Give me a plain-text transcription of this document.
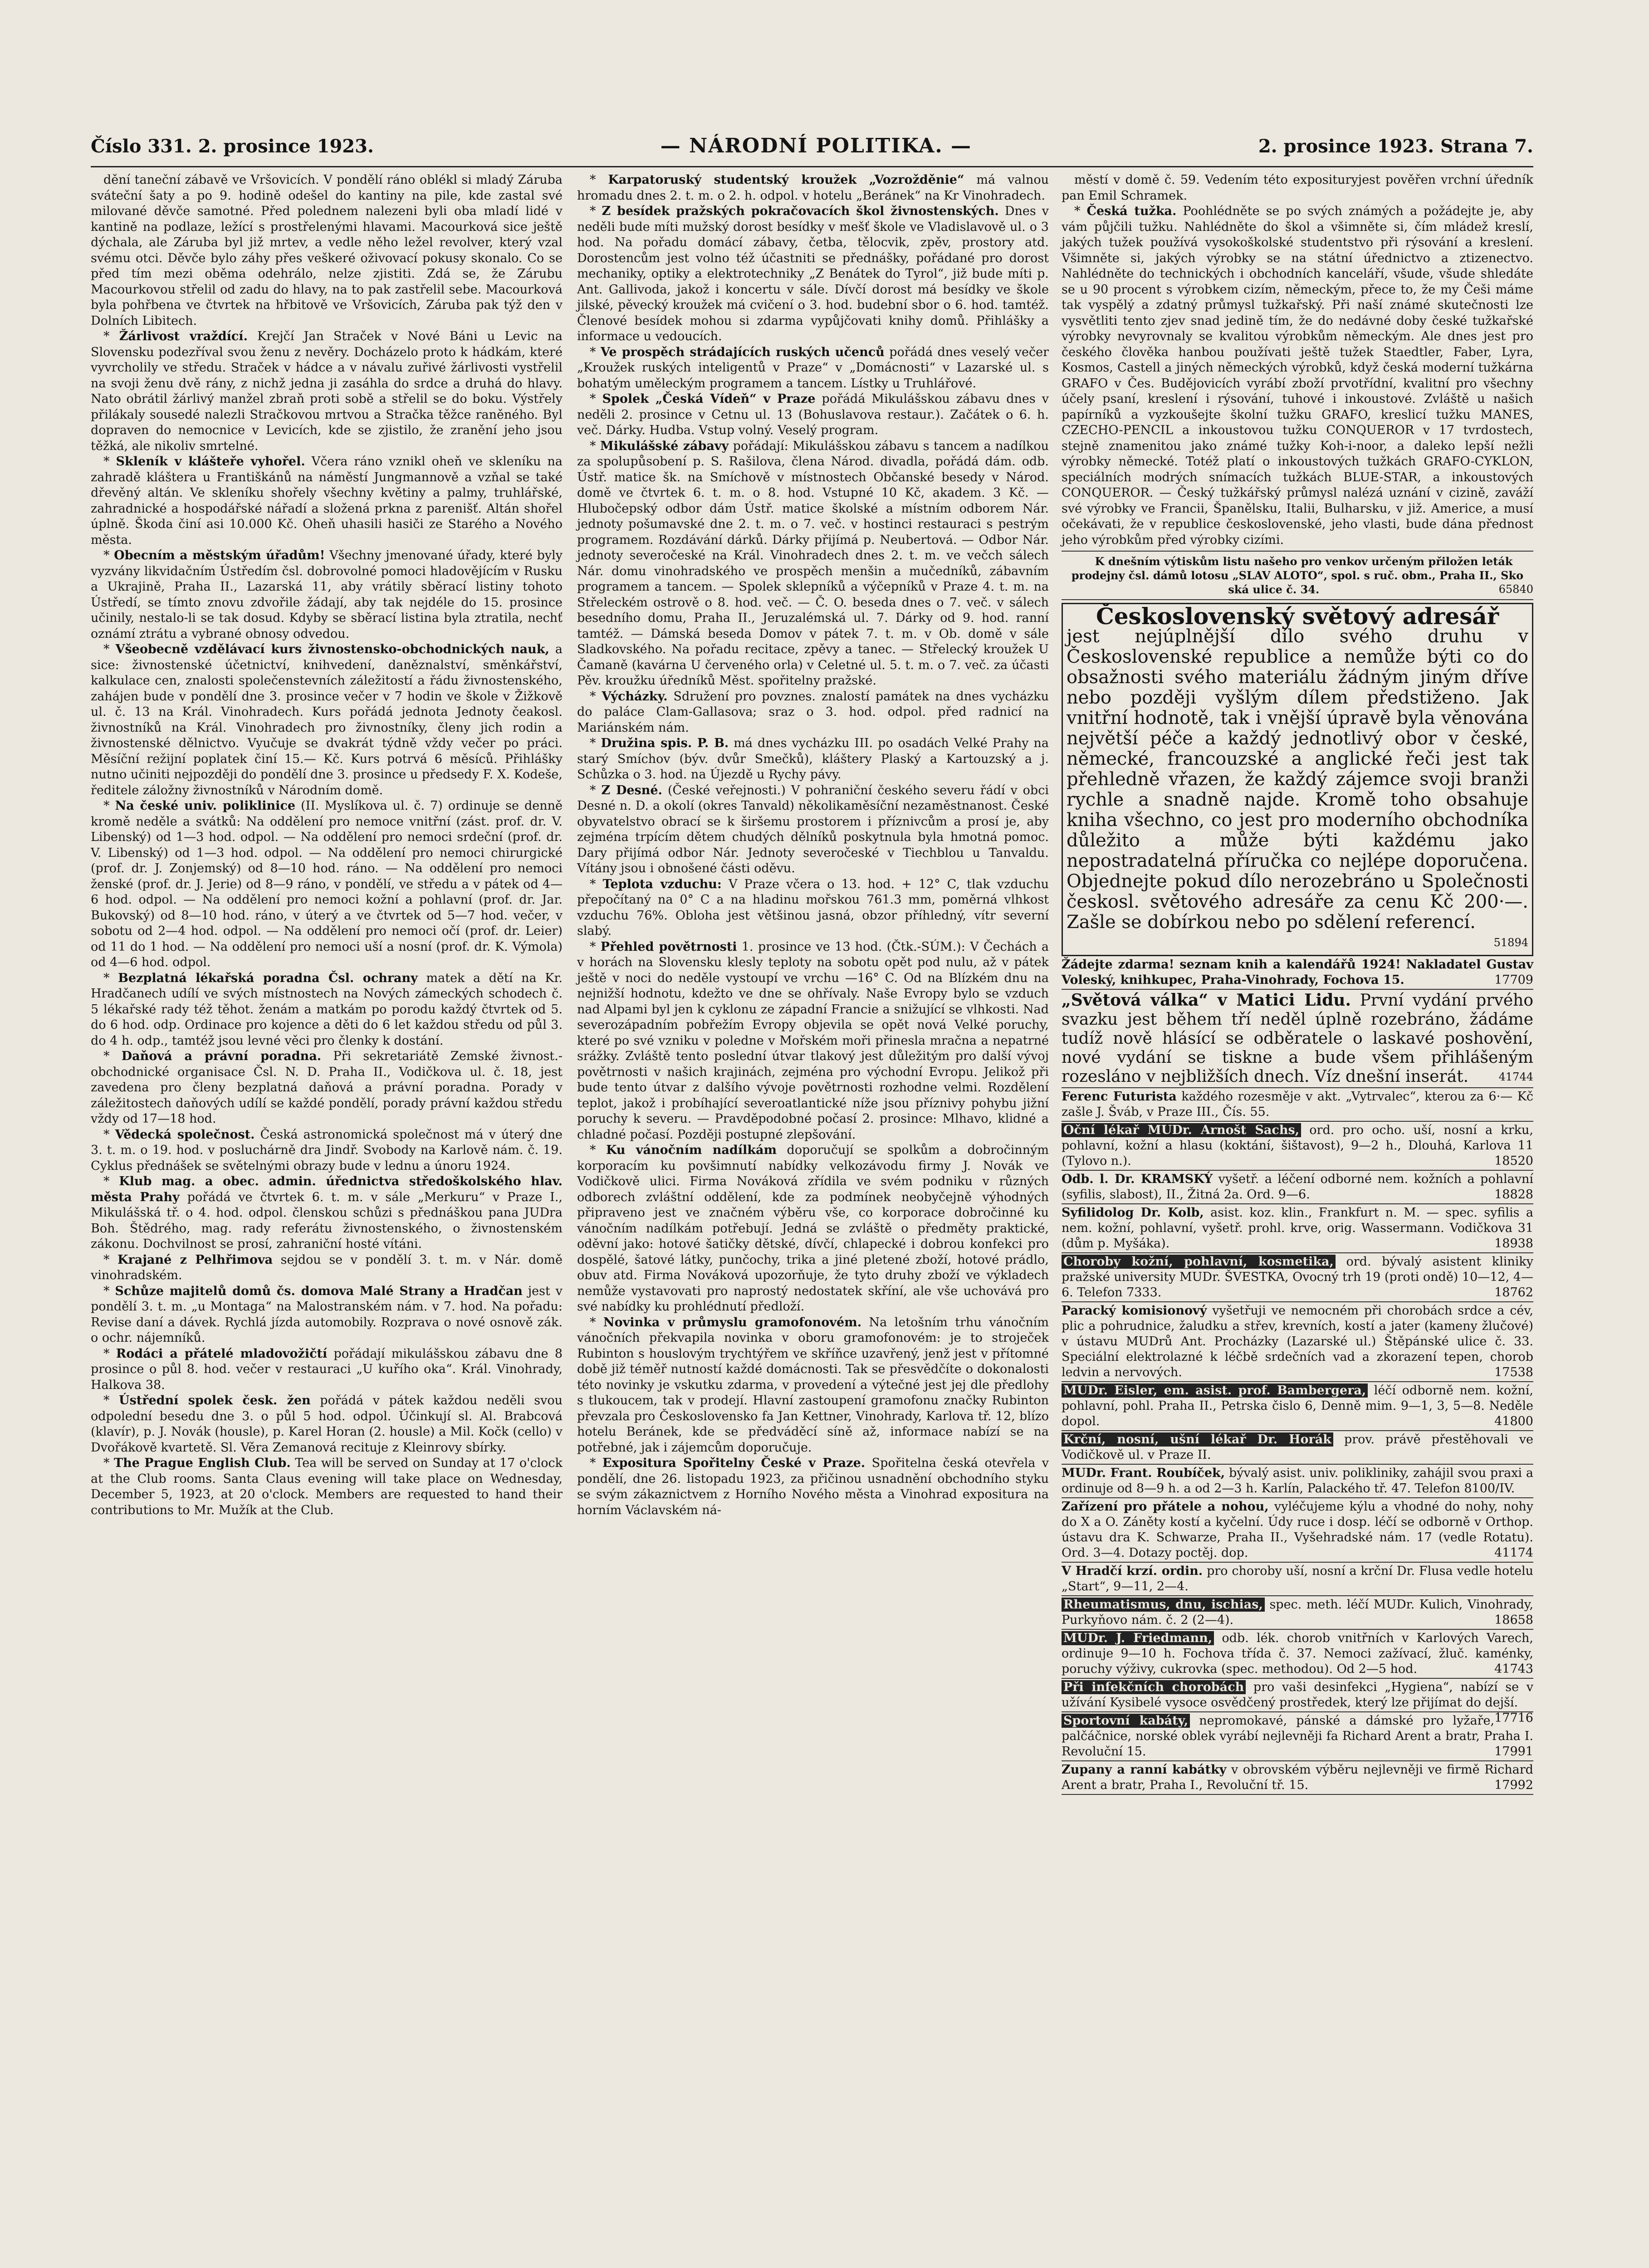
Číslo 331. 2. prosince 1923.	— NÁRODNÍ POLITIKA. —	2. prosince 1923. Strana 7.

dění taneční zábavě ve Vršovicích. V pondělí ráno oblékl si mladý Záruba sváteční šaty a po 9. hodině odešel do kantiny na pile, kde zastal své milované děvče samotné. Před polednem nalezeni byli oba mladí lidé v kantině na podlaze, ležící s prostřelenými hlavami. Macourková sice ještě dýchala, ale Záruba byl již mrtev, a vedle něho ležel revolver, který vzal svému otci. Děvče bylo záhy přes veškeré oživovací pokusy skonalo. Co se před tím mezi oběma odehrálo, nelze zjistiti. Zdá se, že Zárubu Macourkovou střelil od zadu do hlavy, na to pak zastřelil sebe. Macourková byla pohřbena ve čtvrtek na hřbitově ve Vršovicích, Záruba pak týž den v Dolních Libitech.

* Žárlivost vraždící. Krejčí Jan Straček v Nové Báni u Levic na Slovensku podezříval svou ženu z nevěry. Docházelo proto k hádkám, které vyvrcholily ve středu. Straček v hádce a v návalu zuřivé žárlivosti vystřelil na svoji ženu dvě rány, z nichž jedna ji zasáhla do srdce a druhá do hlavy. Nato obrátil žárlivý manžel zbraň proti sobě a střelil se do boku. Výstřely přilákaly sousedé nalezli Stračkovou mrtvou a Stračka těžce raněného. Byl dopraven do nemocnice v Levicích, kde se zjistilo, že zranění jeho jsou těžká, ale nikoliv smrtelné.

* Skleník v klášteře vyhořel. Včera ráno vznikl oheň ve skleníku na zahradě kláštera u Františkánů na náměstí Jungmannově a vzňal se také dřevěný altán. Ve skleníku shořely všechny květiny a palmy, truhlářské, zahradnické a hospodářské nářadí a složená prkna z parenišť. Altán shořel úplně. Škoda činí asi 10.000 Kč. Oheň uhasili hasiči ze Starého a Nového města.

* Obecním a městským úřadům! Všechny jmenované úřady, které byly vyzvány likvidačním Ústředím čsl. dobrovolné pomoci hladovějícím v Rusku a Ukrajině, Praha II., Lazarská 11, aby vrátily sběrací listiny tohoto Ústředí, se tímto znovu zdvořile žádají, aby tak nejdéle do 15. prosince učinily, nestalo-li se tak dosud. Kdyby se sběrací listina byla ztratila, nechť oznámí ztrátu a vybrané obnosy odvedou.

* Všeobecně vzdělávací kurs živnostensko-obchodnických nauk, a sice: živnostenské účetnictví, knihvedení, daněznalství, směnkářství, kalkulace cen, znalosti společenstevních záležitostí a řádu živnostenského, zahájen bude v pondělí dne 3. prosince večer v 7 hodin ve škole v Žižkově ul. č. 13 na Král. Vinohradech. Kurs pořádá jednota Jednoty čeakosl. živnostníků na Král. Vinohradech pro živnostníky, členy jich rodin a živnostenské dělnictvo. Vyučuje se dvakrát týdně vždy večer po práci. Měsíční režijní poplatek činí 15.— Kč. Kurs potrvá 6 měsíců. Přihlášky nutno učiniti nejpozději do pondělí dne 3. prosince u předsedy F. X. Kodeše, ředitele záložny živnostníků v Národním domě.

* Na české univ. poliklinice (II. Myslíkova ul. č. 7) ordinuje se denně kromě neděle a svátků: Na oddělení pro nemoce vnitřní (zást. prof. dr. V. Libenský) od 1—3 hod. odpol. — Na oddělení pro nemoci srdeční (prof. dr. V. Libenský) od 1—3 hod. odpol. — Na oddělení pro nemoci chirurgické (prof. dr. J. Zonjemský) od 8—10 hod. ráno. — Na oddělení pro nemoci ženské (prof. dr. J. Jerie) od 8—9 ráno, v pondělí, ve středu a v pátek od 4—6 hod. odpol. — Na oddělení pro nemoci kožní a pohlavní (prof. dr. Jar. Bukovský) od 8—10 hod. ráno, v úterý a ve čtvrtek od 5—7 hod. večer, v sobotu od 2—4 hod. odpol. — Na oddělení pro nemoci očí (prof. dr. Leier) od 11 do 1 hod. — Na oddělení pro nemoci uší a nosní (prof. dr. K. Výmola) od 4—6 hod. odpol.

* Bezplatná lékařská poradna Čsl. ochrany matek a dětí na Kr. Hradčanech udílí ve svých místnostech na Nových zámeckých schodech č. 5 lékařské rady též těhot. ženám a matkám po porodu každý čtvrtek od 5. do 6 hod. odp. Ordinace pro kojence a děti do 6 let každou středu od půl 3. do 4 h. odp., tamtéž jsou levné věci pro členky k dostání.

* Daňová a právní poradna. Při sekretariátě Zemské živnost.-obchodnické organisace Čsl. N. D. Praha II., Vodičkova ul. č. 18, jest zavedena pro členy bezplatná daňová a právní poradna. Porady v záležitostech daňových udílí se každé pondělí, porady právní každou středu vždy od 17—18 hod.

* Vědecká společnost. Česká astronomická společnost má v úterý dne 3. t. m. o 19. hod. v posluchárně dra Jindř. Svobody na Karlově nám. č. 19. Cyklus přednášek se světelnými obrazy bude v lednu a únoru 1924.

* Klub mag. a obec. admin. úřednictva středoškolského hlav. města Prahy pořádá ve čtvrtek 6. t. m. v sále „Merkuru“ v Praze I., Mikulášská tř. o 4. hod. odpol. členskou schůzi s přednáškou pana JUDra Boh. Štědrého, mag. rady referátu živnostenského, o živnostenském zákonu. Dochvilnost se prosí, zahraniční hosté vítáni.

* Krajané z Pelhřimova sejdou se v pondělí 3. t. m. v Nár. domě vinohradském.

* Schůze majitelů domů čs. domova Malé Strany a Hradčan jest v pondělí 3. t. m. „u Montaga“ na Malostranském nám. v 7. hod. Na pořadu: Revise daní a dávek. Rychlá jízda automobily. Rozprava o nové osnově zák. o ochr. nájemníků.

* Rodáci a přátelé mladovožičtí pořádají mikulášskou zábavu dne 8 prosince o půl 8. hod. večer v restauraci „U kuřího oka“. Král. Vinohrady, Halkova 38.

* Ústřední spolek česk. žen pořádá v pátek každou neděli svou odpolední besedu dne 3. o půl 5 hod. odpol. Účinkují sl. Al. Brabcová (klavír), p. J. Novák (housle), p. Karel Horan (2. housle) a Mil. Kočk (cello) v Dvořákově kvartetě. Sl. Věra Zemanová recituje z Kleinrovy sbírky.

* The Prague English Club. Tea will be served on Sunday at 17 o'clock at the Club rooms. Santa Claus evening will take place on Wednesday, December 5, 1923, at 20 o'clock. Members are requested to hand their contributions to Mr. Mužík at the Club.

* Karpatoruský studentský kroužek „Vozrožděnie“ má valnou hromadu dnes 2. t. m. o 2. h. odpol. v hotelu „Beránek“ na Kr Vinohradech.

* Z besídek pražských pokračovacích škol živnostenských. Dnes v neděli bude míti mužský dorost besídky v mešť škole ve Vladislavově ul. o 3 hod. Na pořadu domácí zábavy, četba, tělocvik, zpěv, prostory atd. Dorostencům jest volno též účastniti se přednášky, pořádané pro dorost mechaniky, optiky a elektrotechniky „Z Benátek do Tyrol“, již bude míti p. Ant. Gallivoda, jakož i koncertu v sále. Dívčí dorost má besídky ve škole jilské, pěvecký kroužek má cvičení o 3. hod. budební sbor o 6. hod. tamtéž. Členové besídek mohou si zdarma vypůjčovati knihy domů. Přihlášky a informace u vedoucích.

* Ve prospěch strádajících ruských učenců pořádá dnes veselý večer „Kroužek ruských inteligentů v Praze“ v „Domácnosti“ v Lazarské ul. s bohatým uměleckým programem a tancem. Lístky u Truhlářové.

* Spolek „Česká Vídeň“ v Praze pořádá Mikulášskou zábavu dnes v neděli 2. prosince v Cetnu ul. 13 (Bohuslavova restaur.). Začátek o 6. h. več. Dárky. Hudba. Vstup volný. Veselý program.

* Mikulášské zábavy pořádají: Mikulášskou zábavu s tancem a nadílkou za spolupůsobení p. S. Rašilova, člena Národ. divadla, pořádá dám. odb. Ústř. matice šk. na Smíchově v místnostech Občanské besedy v Národ. domě ve čtvrtek 6. t. m. o 8. hod. Vstupné 10 Kč, akadem. 3 Kč. — Hlubočepský odbor dám Ústř. matice školské a místním odborem Nár. jednoty pošumavské dne 2. t. m. o 7. več. v hostinci restauraci s pestrým programem. Rozdávání dárků. Dárky přijímá p. Neubertová. — Odbor Nár. jednoty severočeské na Král. Vinohradech dnes 2. t. m. ve večch sálech Nár. domu vinohradského ve prospěch menšin a mučedníků, zábavním programem a tancem. — Spolek sklepníků a výčepníků v Praze 4. t. m. na Střeleckém ostrově o 8. hod. več. — Č. O. beseda dnes o 7. več. v sálech besedního domu, Praha II., Jeruzalémská ul. 7. Dárky od 9. hod. ranní tamtéž. — Dámská beseda Domov v pátek 7. t. m. v Ob. domě v sále Sladkovského. Na pořadu recitace, zpěvy a tanec. — Střelecký kroužek U Čamaně (kavárna U červeného orla) v Celetné ul. 5. t. m. o 7. več. za účasti Pěv. kroužku úředníků Měst. spořitelny pražské.

* Výcházky. Sdružení pro povznes. znalostí památek na dnes vycházku do paláce Clam-Gallasova; sraz o 3. hod. odpol. před radnicí na Mariánském nám.

* Družina spis. P. B. má dnes vycházku III. po osadách Velké Prahy na starý Smíchov (býv. dvůr Smečků), kláštery Plaský a Kartouzský a j. Schůzka o 3. hod. na Újezdě u Rychy pávy.

* Z Desné. (České veřejnosti.) V pohraniční českého severu řádí v obci Desné n. D. a okolí (okres Tanvald) několikaměsíční nezaměstnanost. České obyvatelstvo obrací se k širšemu prostorem i příznivcům a prosí je, aby zejména trpícím dětem chudých dělníků poskytnula byla hmotná pomoc. Dary přijímá odbor Nár. Jednoty severočeské v Tiechblou u Tanvaldu. Vítány jsou i obnošené části oděvu.

* Teplota vzduchu: V Praze včera o 13. hod. + 12° C, tlak vzduchu přepočítaný na 0° C a na hladinu mořskou 761.3 mm, poměrná vlhkost vzduchu 76%. Obloha jest většinou jasná, obzor příhledný, vítr severní slabý.

* Přehled povětrnosti 1. prosince ve 13 hod. (Čtk.-SÚM.): V Čechách a v horách na Slovensku klesly teploty na sobotu opět pod nulu, až v pátek ještě v noci do neděle vystoupí ve vrchu —16° C. Od na Blízkém dnu na nejnižší hodnotu, kdežto ve dne se ohřívaly. Naše Evropy bylo se vzduch nad Alpami byl jen k cyklonu ze západní Francie a snižující se vlhkosti. Nad severozápadním pobřežím Evropy objevila se opět nová Velké poruchy, které po své vzniku v poledne v Mořském moři přinesla mračna a nepatrné srážky. Zvláště tento poslední útvar tlakový jest důležitým pro další vývoj povětrnosti v našich krajinách, zejména pro východní Evropu. Jelikož při bude tento útvar z dalšího vývoje povětrnosti rozhodne velmi. Rozdělení teplot, jakož i probíhající severoatlantické níže jsou příznivy pohybu jižní poruchy k severu. — Pravděpodobné počasí 2. prosince: Mlhavo, klidné a chladné počasí. Později postupné zlepšování.

* Ku vánočním nadílkám doporučují se spolkům a dobročinným korporacím ku povšimnutí nabídky velkozávodu firmy J. Novák ve Vodičkově ulici. Firma Nováková zřídila ve svém podniku v různých odborech zvláštní oddělení, kde za podmínek neobyčejně výhodných připraveno jest ve značném výběru vše, co korporace dobročinné ku vánočním nadílkám potřebují. Jedná se zvláště o předměty praktické, oděvní jako: hotové šatičky dětské, dívčí, chlapecké i dobrou konfekci pro dospělé, šatové látky, punčochy, trika a jiné pletené zboží, hotové prádlo, obuv atd. Firma Nováková upozorňuje, že tyto druhy zboží ve výkladech nemůže vystavovati pro naprostý nedostatek skříní, ale vše uchovává pro své nabídky ku prohlédnutí předloží.

* Novinka v průmyslu gramofonovém. Na letošním trhu vánočním vánočních překvapila novinka v oboru gramofonovém: je to stroječek Rubinton s houslovým trychtýřem ve skříňce uzavřený, jenž jest v přítomné době již téměř nutností každé domácnosti. Tak se přesvědčíte o dokonalosti této novinky je vskutku zdarma, v provedení a výtečné jest jej dle předlohy s tlukoucem, tak v prodejí. Hlavní zastoupení gramofonu značky Rubinton převzala pro Československo fa Jan Kettner, Vinohrady, Karlova tř. 12, blízo hotelu Beránek, kde se předváděcí síně až, informace nabízí se na potřebné, jak i zájemcům doporučuje.

* Expositura Spořitelny České v Praze. Spořitelna česká otevřela v pondělí, dne 26. listopadu 1923, za přičinou usnadnění obchodního styku se svým zákaznictvem z Horního Nového města a Vinohrad expositura na horním Václavském ná-

městí v domě č. 59. Vedením této exposituryjest pověřen vrchní úředník pan Emil Schramek.

* Česká tužka. Poohlédněte se po svých známých a požádejte je, aby vám půjčili tužku. Nahlédněte do škol a všimněte si, čím mládež kreslí, jakých tužek používá vysokoškolské studentstvo při rýsování a kreslení. Všimněte si, jakých výrobky se na státní úřednictvo a ztizenectvo. Nahlédněte do technických i obchodních kanceláří, všude, všude shledáte se u 90 procent s výrobkem cizím, německým, přece to, že my Češi máme tak vyspělý a zdatný průmysl tužkařský. Při naší známé skutečnosti lze vysvětliti tento zjev snad jedině tím, že do nedávné doby české tužkařské výrobky nevyrovnaly se kvalitou výrobkům německým. Ale dnes jest pro českého člověka hanbou používati ještě tužek Staedtler, Faber, Lyra, Kosmos, Castell a jiných německých výrobků, když česká moderní tužkárna GRAFO v Čes. Budějovicích vyrábí zboží prvotřídní, kvalitní pro všechny účely psaní, kreslení i rýsování, tuhové i inkoustové. Zvláště u našich papírníků a vyzkoušejte školní tužku GRAFO, kreslicí tužku MANES, CZECHO-PENCIL a inkoustovou tužku CONQUEROR v 17 tvrdostech, stejně znamenitou jako známé tužky Koh-i-noor, a daleko lepší nežli výrobky německé. Totéž platí o inkoustových tužkách GRAFO-CYKLON, speciálních modrých snímacích tužkách BLUE-STAR, a inkoustových CONQUEROR. — Český tužkářský průmysl nalézá uznání v cizině, zaváží své výrobky ve Francii, Španělsku, Italii, Bulharsku, v již. Americe, a musí očekávati, že v republice československé, jeho vlasti, bude dána přednost jeho výrobkům před výrobky cizími.

K dnešním výtiskům listu našeho pro venkov určeným přiložen leták prodejny čsl. dámů lotosu „SLAV ALOTO“, spol. s ruč. obm., Praha II., Sko ská ulice č. 34.	65840

Československý světový adresář
jest nejúplnější dílo svého druhu v Československé republice a nemůže býti co do obsažnosti svého materiálu žádným jiným dříve nebo později vyšlým dílem předstiženo. Jak vnitřní hodnotě, tak i vnější úpravě byla věnována největší péče a každý jednotlivý obor v české, německé, francouzské a anglické řeči jest tak přehledně vřazen, že každý zájemce svoji branži rychle a snadně najde. Kromě toho obsahuje kniha všechno, co jest pro moderního obchodníka důležito a může býti každému jako nepostradatelná příručka co nejlépe doporučena. Objednejte pokud dílo nerozebráno u Společnosti českosl. světového adresáře za cenu Kč 200·—. Zašle se dobírkou nebo po sdělení referencí.
51894
Žádejte zdarma! seznam knih a kalendářů 1924! Nakladatel Gustav Voleský, knihkupec, Praha-Vinohrady, Fochova 15.	17709
„Světová válka“ v Matici Lidu. První vydání prvého svazku jest během tří neděl úplně rozebráno, žádáme tudíž nově hlásící se odběratele o laskavé poshovění, nové vydání se tiskne a bude všem přihlášeným rozesláno v nejbližších dnech. Víz dnešní inserát.	41744
Ferenc Futurista každého rozesměje v akt. „Vytrvalec“, kterou za 6·— Kč zašle J. Šváb, v Praze III., Čís. 55.
Oční lékař MUDr. Arnošt Sachs, ord. pro ocho. uší, nosní a krku, pohlavní, kožní a hlasu (koktání, šištavost), 9—2 h., Dlouhá, Karlova 11 (Tylovo n.).	18520
Odb. l. Dr. KRAMSKÝ vyšetř. a léčení odborné nem. kožních a pohlavní (syfilis, slabost), II., Žitná 2a. Ord. 9—6.	18828
Syfilidolog Dr. Kolb, asist. koz. klin., Frankfurt n. M. — spec. syfilis a nem. kožní, pohlavní, vyšetř. prohl. krve, orig. Wassermann. Vodičkova 31 (dům p. Myšáka).	18938
Choroby kožní, pohlavní, kosmetika, ord. bývalý asistent kliniky pražské university MUDr. ŠVESTKA, Ovocný trh 19 (proti ondě) 10—12, 4—6. Telefon 7333.	18762
Paracký komisionový vyšetřuji ve nemocném při chorobách srdce a cév, plic a pohrudnice, žaludku a střev, krevních, kostí a jater (kameny žlučové) v ústavu MUDrů Ant. Procházky (Lazarské ul.) Štěpánské ulice č. 33. Speciální elektrolazné k léčbě srdečních vad a zkorazení tepen, chorob ledvin a nervových.	17538
MUDr. Eisler, em. asist. prof. Bambergera, léčí odborně nem. kožní, pohlavní, pohl. Praha II., Petrska čislo 6, Denně mim. 9—1, 3, 5—8. Neděle dopol.	41800
Krční, nosní, ušní lékař Dr. Horák prov. právě přestěhovali ve Vodičkově ul. v Praze II.
MUDr. Frant. Roubíček, bývalý asist. univ. polikliniky, zahájil svou praxi a ordinuje od 8—9 h. a od 2—3 h. Karlín, Palackého tř. 47. Telefon 8100/IV.
Zařízení pro přátele a nohou, vyléčujeme kýlu a vhodné do nohy, nohy do X a O. Záněty kostí a kyčelní. Údy ruce i dosp. léčí se odborně v Orthop. ústavu dra K. Schwarze, Praha II., Vyšehradské nám. 17 (vedle Rotatu). Ord. 3—4. Dotazy poctěj. dop.	41174
V Hradčí krzí. ordin. pro choroby uší, nosní a krční Dr. Flusa vedle hotelu „Start“, 9—11, 2—4.
Rheumatismus, dnu, ischias, spec. meth. léčí MUDr. Kulich, Vinohrady, Purkyňovo nám. č. 2 (2—4).	18658
MUDr. J. Friedmann, odb. lék. chorob vnitřních v Karlových Varech, ordinuje 9—10 h. Fochova třída č. 37. Nemoci zažívací, žluč. kaménky, poruchy výživy, cukrovka (spec. methodou). Od 2—5 hod.	41743
Při infekčních chorobách pro vaši desinfekci „Hygiena“, nabízí se v užívání Kysibelé vysoce osvědčený prostředek, který lze přijímat do dejší.
17716
Sportovní kabáty, nepromokavé, pánské a dámské pro lyžaře, palčáčnice, norské oblek vyrábí nejlevněji fa Richard Arent a bratr, Praha I. Revoluční 15.	17991
Zupany a ranní kabátky v obrovském výběru nejlevněji ve firmě Richard Arent a bratr, Praha I., Revoluční tř. 15.	17992
